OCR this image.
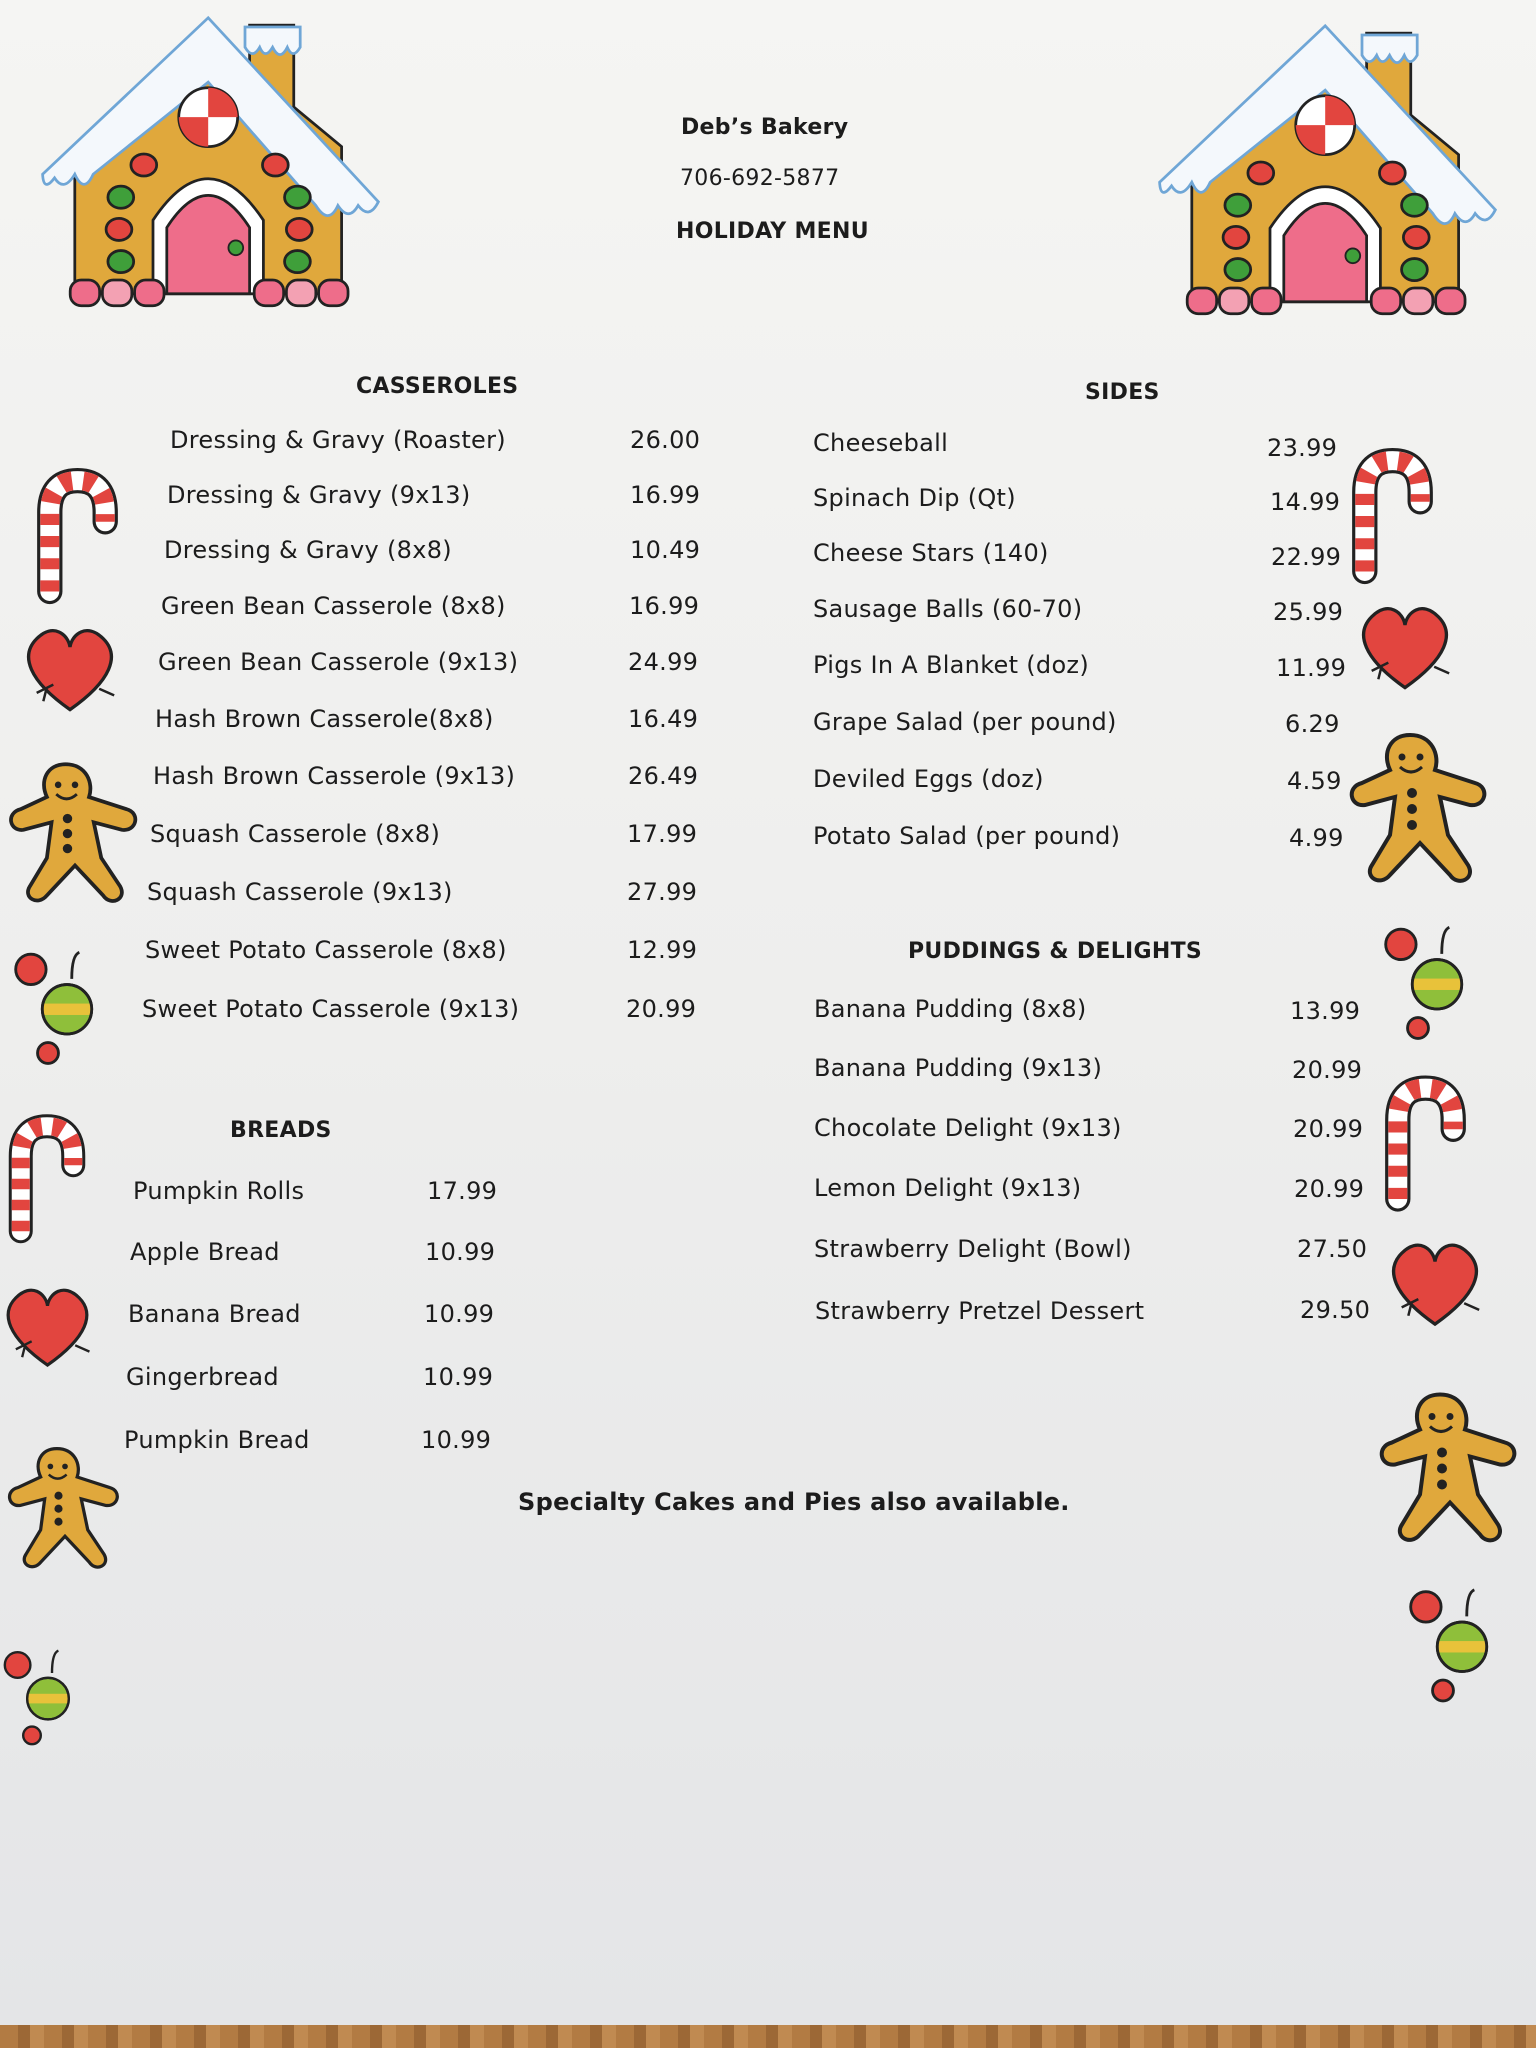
Deb’s Bakery
706-692-5877
HOLIDAY MENU
CASSEROLES
Dressing & Gravy (Roaster)	26.00
Dressing & Gravy (9x13)	16.99
Dressing & Gravy (8x8)	10.49
Green Bean Casserole (8x8)	16.99
Green Bean Casserole (9x13)	24.99
Hash Brown Casserole(8x8)	16.49
Hash Brown Casserole (9x13)	26.49
Squash Casserole (8x8)	17.99
Squash Casserole (9x13)	27.99
Sweet Potato Casserole (8x8)	12.99
Sweet Potato Casserole (9x13)	20.99
SIDES
Cheeseball	23.99
Spinach Dip (Qt)	14.99
Cheese Stars (140)	22.99
Sausage Balls (60-70)	25.99
Pigs In A Blanket (doz)	11.99
Grape Salad (per pound)	6.29
Deviled Eggs (doz)	4.59
Potato Salad (per pound)	4.99
PUDDINGS & DELIGHTS
Banana Pudding (8x8)	13.99
Banana Pudding (9x13)	20.99
Chocolate Delight (9x13)	20.99
Lemon Delight (9x13)	20.99
Strawberry Delight (Bowl)	27.50
Strawberry Pretzel Dessert	29.50
BREADS
Pumpkin Rolls	17.99
Apple Bread	10.99
Banana Bread	10.99
Gingerbread	10.99
Pumpkin Bread	10.99
Specialty Cakes and Pies also available.
